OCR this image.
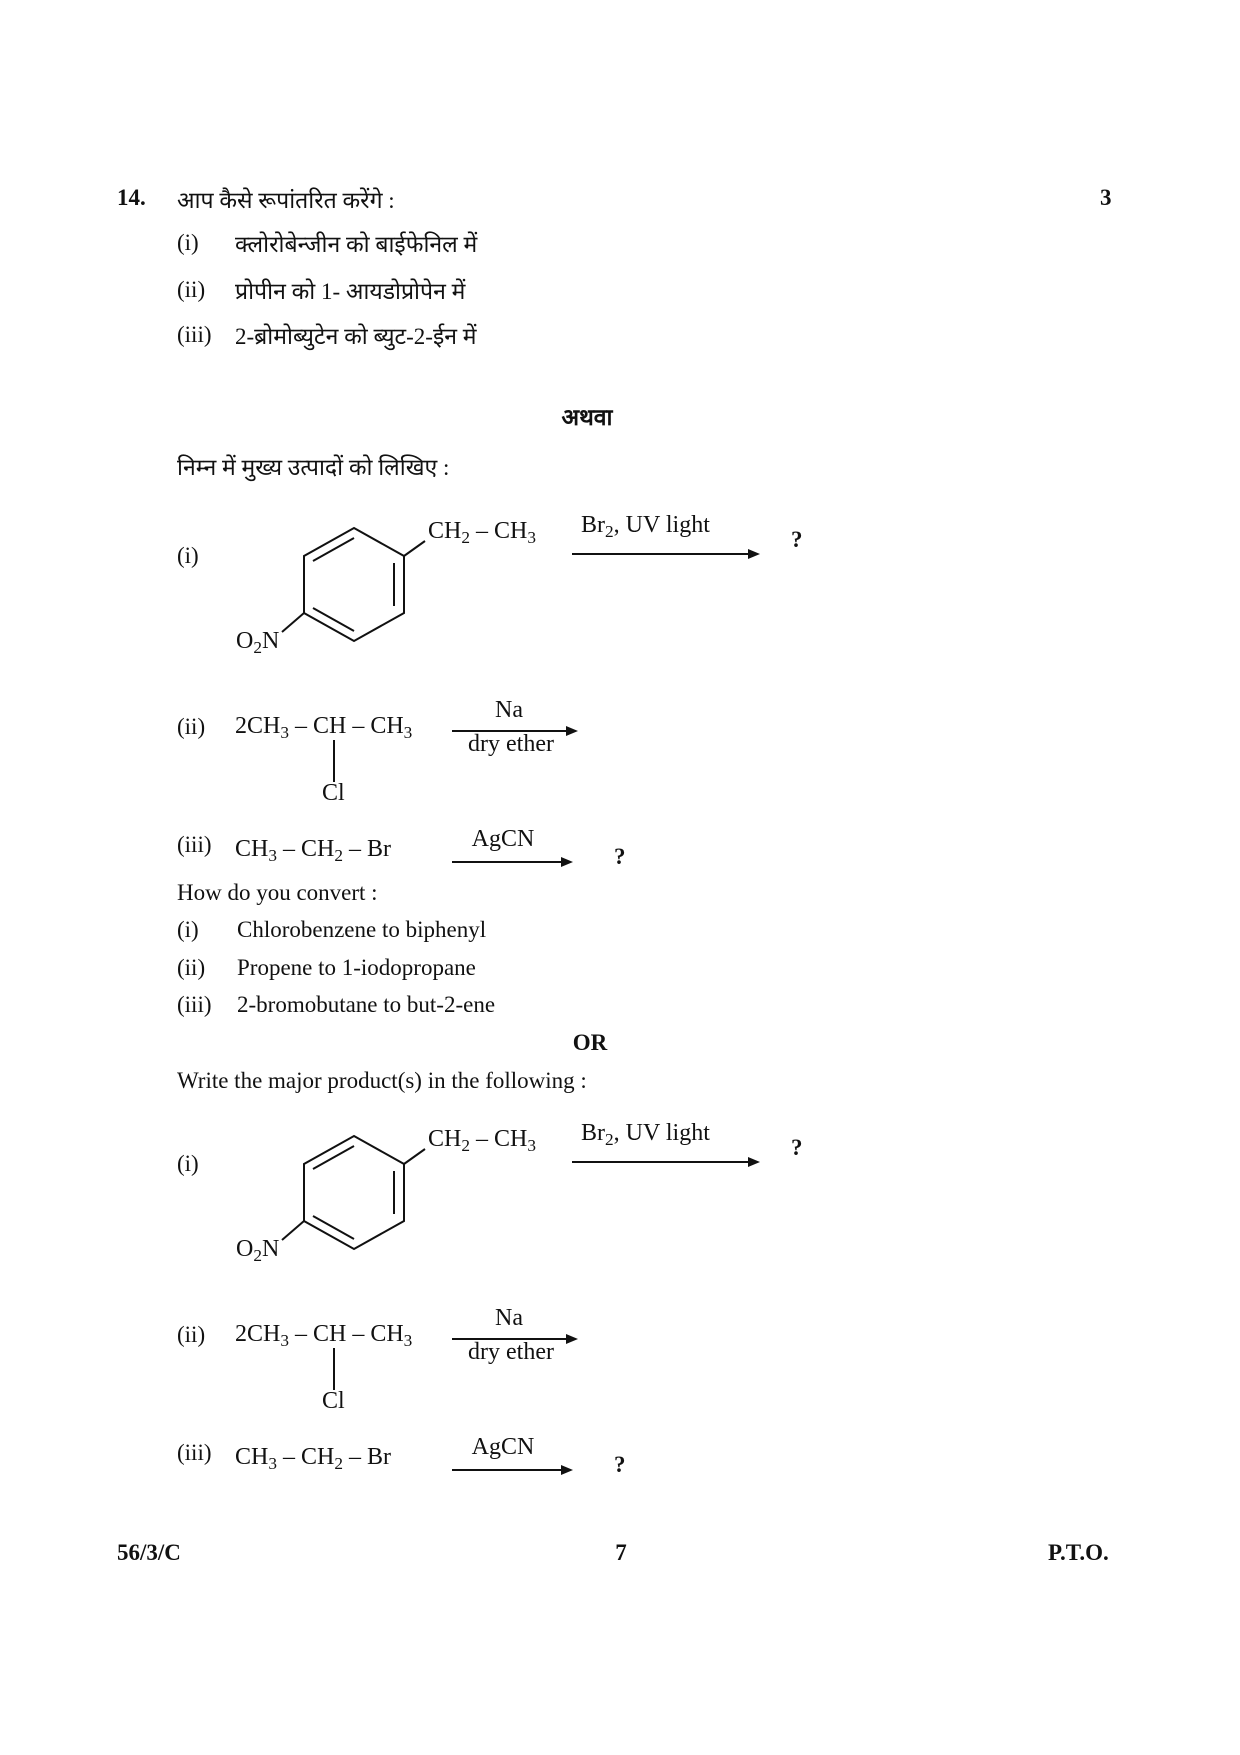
14. आप कैसे रूपांतरित करेंगे :	3
(i) क्लोरोबेन्जीन को बाईफेनिल में
(ii) प्रोपीन को 1- आयडोप्रोपेन में
(iii) 2-ब्रोमोब्युटेन को ब्युट-2-ईन में
अथवा
निम्न में मुख्य उत्पादों को लिखिए :
(i)
$CH_2 - CH_3$
$O_2N$
$Br_2$, UV light
?
(ii) $2CH_3$ – CH – $CH_3$
Cl
Na
dry ether
(iii) $CH_3 - CH_2$ – Br	AgCN
?
How do you convert :
(i) Chlorobenzene to biphenyl
(ii) Propene to 1-iodopropane
(iii) 2-bromobutane to but-2-ene
OR
Write the major product(s) in the following :
(i)
$CH_2 - CH_3$
$O_2N$
$Br_2$, UV light
?
(ii) $2CH_3$ – CH – $CH_3$
Cl
Na
dry ether
(iii) $CH_3 - CH_2$ – Br	AgCN
?
56/3/C	7	P.T.O.
